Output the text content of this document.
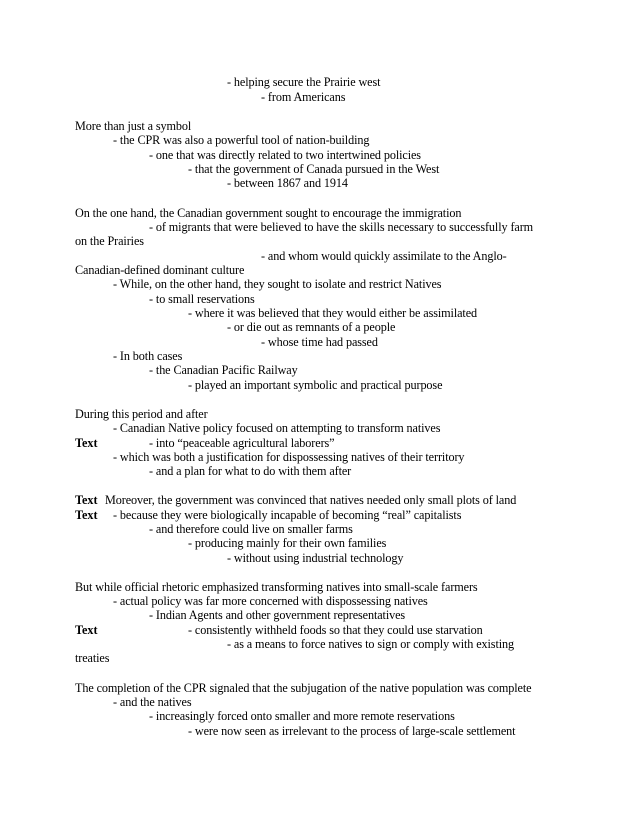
- helping secure the Prairie west
- from Americans
More than just a symbol
- the CPR was also a powerful tool of nation-building
- one that was directly related to two intertwined policies
- that the government of Canada pursued in the West
- between 1867 and 1914
On the one hand, the Canadian government sought to encourage the immigration
- of migrants that were believed to have the skills necessary to successfully farm
on the Prairies
- and whom would quickly assimilate to the Anglo-
Canadian-defined dominant culture
- While, on the other hand, they sought to isolate and restrict Natives
- to small reservations
- where it was believed that they would either be assimilated
- or die out as remnants of a people
- whose time had passed
- In both cases
- the Canadian Pacific Railway
- played an important symbolic and practical purpose
During this period and after
- Canadian Native policy focused on attempting to transform natives
Text	- into “peaceable agricultural laborers”
- which was both a justification for dispossessing natives of their territory
- and a plan for what to do with them after
Text Moreover, the government was convinced that natives needed only small plots of land
Text - because they were biologically incapable of becoming “real” capitalists
- and therefore could live on smaller farms
- producing mainly for their own families
- without using industrial technology
But while official rhetoric emphasized transforming natives into small-scale farmers
- actual policy was far more concerned with dispossessing natives
- Indian Agents and other government representatives
Text	- consistently withheld foods so that they could use starvation
- as a means to force natives to sign or comply with existing
treaties
The completion of the CPR signaled that the subjugation of the native population was complete
- and the natives
- increasingly forced onto smaller and more remote reservations
- were now seen as irrelevant to the process of large-scale settlement
